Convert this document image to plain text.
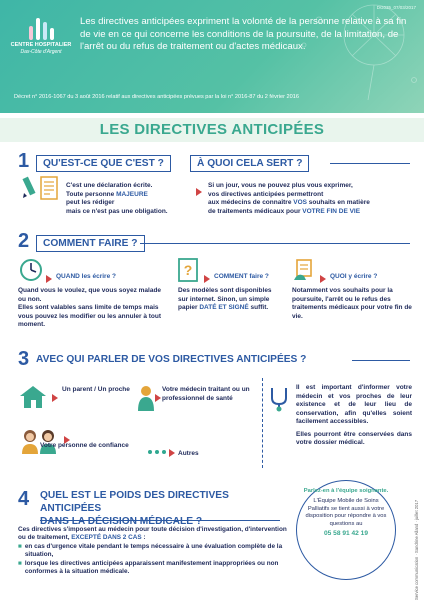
DG035_07/03/2017
CENTRE HOSPITALIER
Dax-Côte d'Argent
Les directives anticipées expriment la volonté de la personne relative à sa fin de vie en ce qui concerne les conditions de la poursuite, de la limitation, de l'arrêt ou du refus de traitement ou d'actes médicaux.
Décret n° 2016-1067 du 3 août 2016 relatif aux directives anticipées prévues par la loi n° 2016-87 du 2 février 2016
LES DIRECTIVES ANTICIPÉES
1	QU'EST-CE QUE C'EST ?	À QUOI CELA SERT ?
C'est une déclaration écrite.
Toute personne MAJEURE
peut les rédiger
mais ce n'est pas une obligation.
Si un jour, vous ne pouvez plus vous exprimer,
vos directives anticipées permettront
aux médecins de connaître VOS souhaits en matière
de traitements médicaux pour VOTRE FIN DE VIE
2	COMMENT FAIRE ?
QUAND les écrire ?
Quand vous le voulez, que vous soyez malade ou non.
Elles sont valables sans limite de temps mais vous pouvez les modifier ou les annuler à tout moment.
?	COMMENT faire ?
Des modèles sont disponibles sur internet. Sinon, un simple papier DATÉ ET SIGNÉ suffit.
QUOI y écrire ?
Notamment vos souhaits pour la poursuite, l'arrêt ou le refus des traitements médicaux pour votre fin de vie.
3 AVEC QUI PARLER DE VOS DIRECTIVES ANTICIPÉES ?
Un parent / Un proche	Votre médecin traitant ou un professionnel de santé
Votre personne de confiance
Autres
Il est important d'informer votre médecin et vos proches de leur existence et de leur lieu de conservation, afin qu'elles soient facilement accessibles.
Elles pourront être conservées dans votre dossier médical.
4 QUEL EST LE POIDS DES DIRECTIVES ANTICIPÉES
Ces directives s'imposent au médecin pour toute décision d'investigation, d'intervention ou de traitement, EXCEPTÉ DANS 2 CAS :
■ en cas d'urgence vitale pendant le temps nécessaire à une évaluation complète de la situation,
■ lorsque les directives anticipées apparaissent manifestement inappropriées ou non conformes à la situation médicale.
Parlez-en à l'équipe soignante.
L'Équipe Mobile de Soins Palliatifs se tient aussi à votre disposition pour répondre à vos questions au
05 58 91 42 19	Service communication · Sandrine Alland · juillet 2017
